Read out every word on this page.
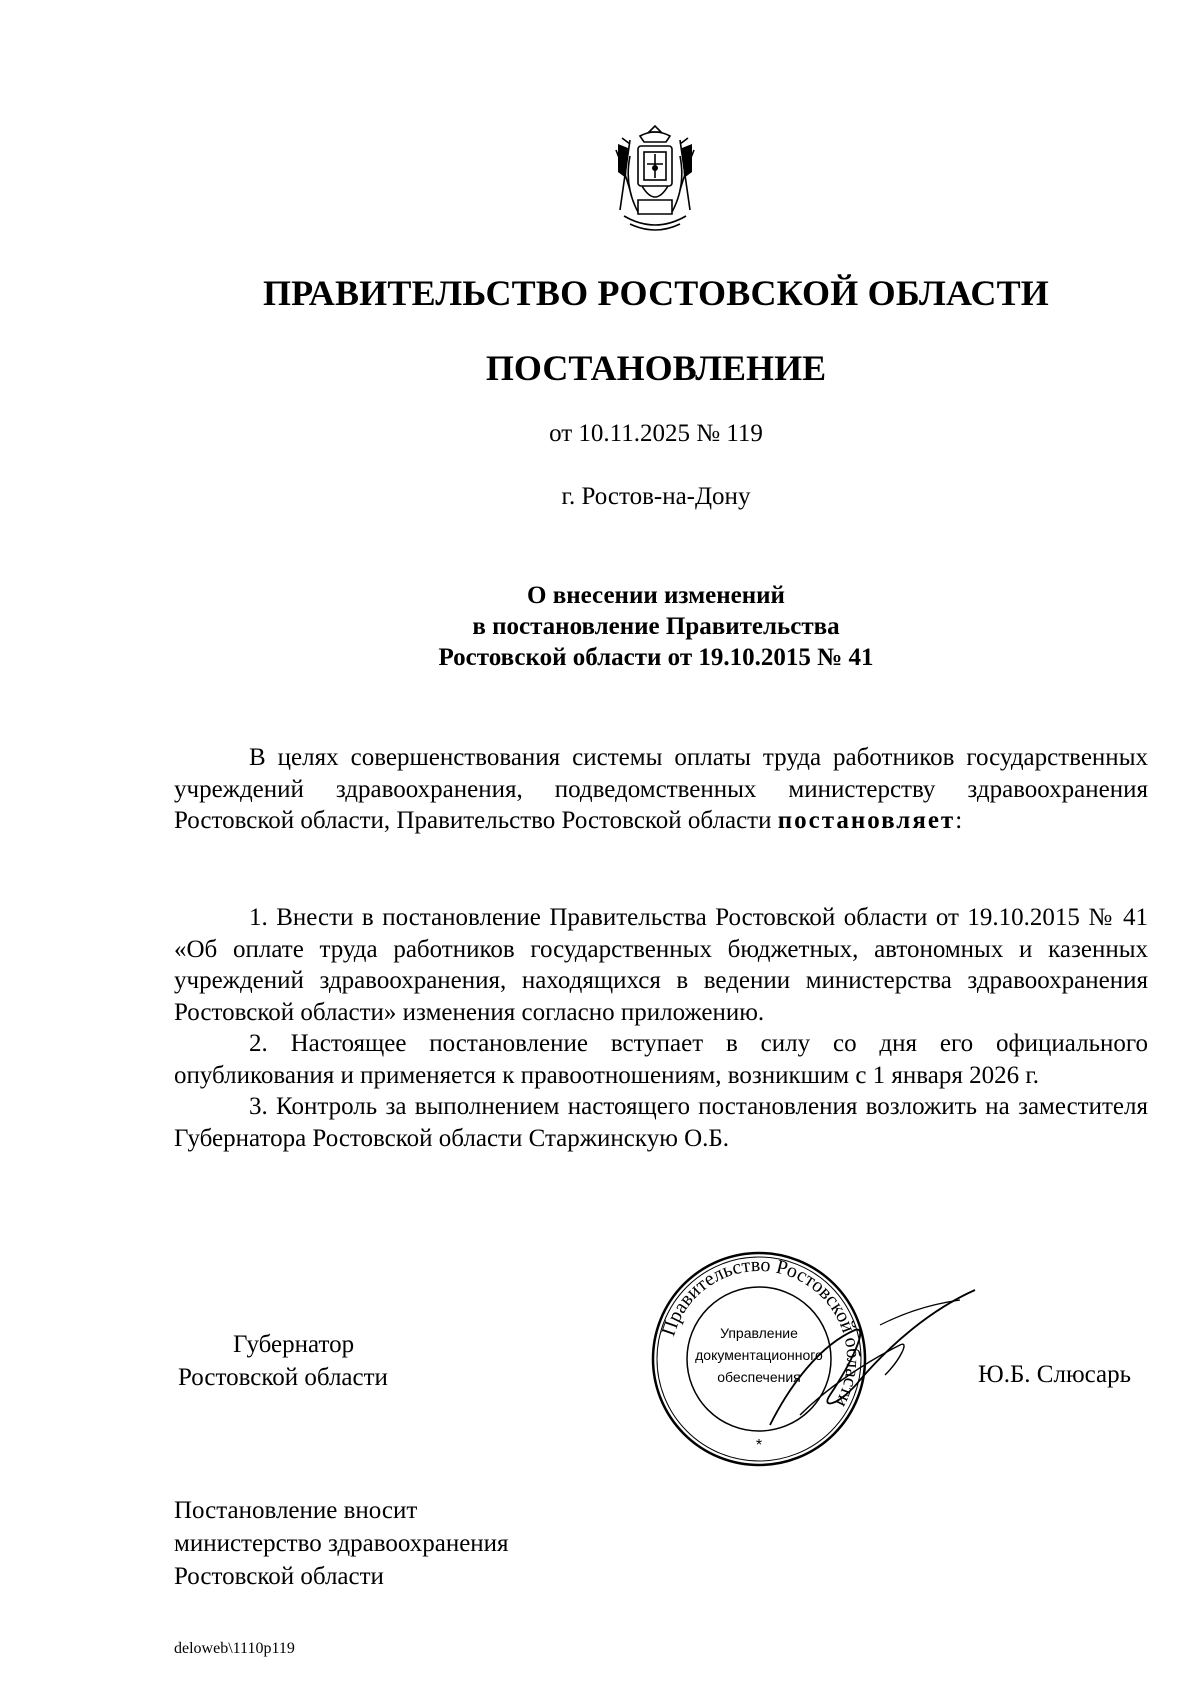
ПРАВИТЕЛЬСТВО РОСТОВСКОЙ ОБЛАСТИ
ПОСТАНОВЛЕНИЕ
от 10.11.2025 № 119
г. Ростов-на-Дону
О внесении изменений
в постановление Правительства
Ростовской области от 19.10.2015 № 41

В целях совершенствования системы оплаты труда работников государственных учреждений здравоохранения, подведомственных министерству здравоохранения Ростовской области, Правительство Ростовской области постановляет:

1. Внести в постановление Правительства Ростовской области от 19.10.2015 № 41 «Об оплате труда работников государственных бюджетных, автономных и казенных учреждений здравоохранения, находящихся в ведении министерства здравоохранения Ростовской области» изменения согласно приложению.

2. Настоящее постановление вступает в силу со дня его официального опубликования и применяется к правоотношениям, возникшим с 1 января 2026 г.

3. Контроль за выполнением настоящего постановления возложить на заместителя Губернатора Ростовской области Старжинскую О.Б.

Правительство Ростовской области
Управление
документационного
обеспечения
*
Губернатор
Ростовской области	Ю.Б. Слюсарь
Постановление вносит
министерство здравоохранения
Ростовской области
deloweb\1110p119
